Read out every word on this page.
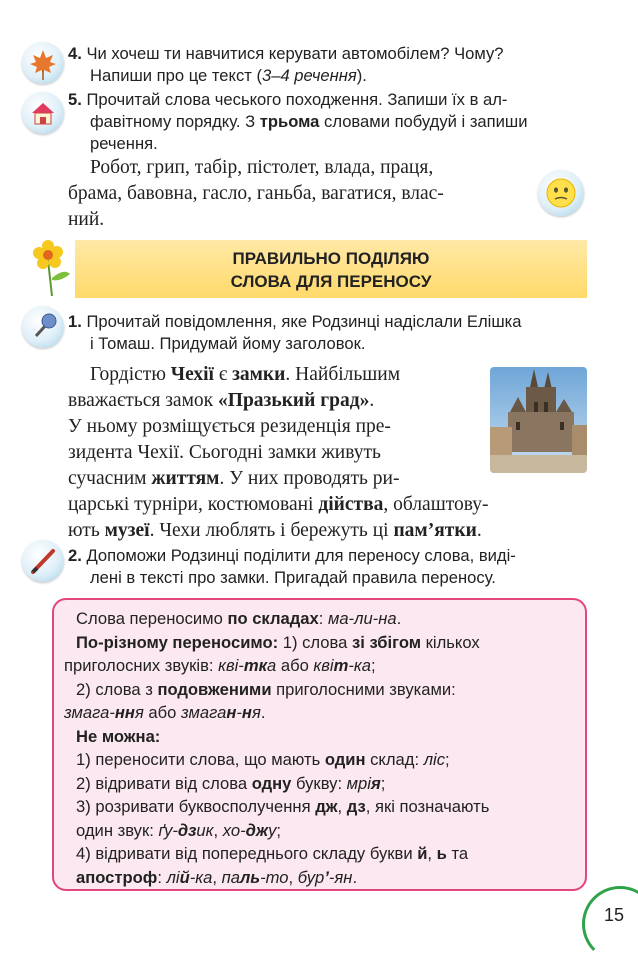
4. Чи хочеш ти навчитися керувати автомобілем? Чому?
Напиши про це текст (3–4 речення).
5. Прочитай слова чеського походження. Запиши їх в ал-
фавітному порядку. З трьома словами побудуй і запиши
речення.
Робот, грип, табір, пістолет, влада, праця,
брама, бавовна, гасло, ганьба, вагатися, влас-
ний.
ПРАВИЛЬНО ПОДІЛЯЮ
СЛОВА ДЛЯ ПЕРЕНОСУ
1. Прочитай повідомлення, яке Родзинці надіслали Елішка
і Томаш. Придумай йому заголовок.
Гордістю Чехії є замки. Найбільшим
вважається замок «Празький град».
У ньому розміщується резиденція пре-
зидента Чехії. Сьогодні замки живуть
сучасним життям. У них проводять ри-
царські турніри, костюмовані дійства, облаштову-
ють музеї. Чехи люблять і бережуть ці пам’ятки.
2. Допоможи Родзинці поділити для переносу слова, виді-
лені в тексті про замки. Пригадай правила переносу.
Слова переносимо по складах: ма-ли-на.
По-різному переносимо: 1) слова зі збігом кількох
приголосних звуків: кві-тка або квіт-ка;
2) слова з подовженими приголосними звуками:
змага-ння або змаган-ня.
Не можна:
1) переносити слова, що мають один склад: ліс;
2) відривати від слова одну букву: мрія;
3) розривати буквосполучення дж, дз, які позначають
один звук: ґу-дзик, хо-джу;
4) відривати від попереднього складу букви й, ь та
апостроф: лій-ка, паль-то, бур’-ян.
15
